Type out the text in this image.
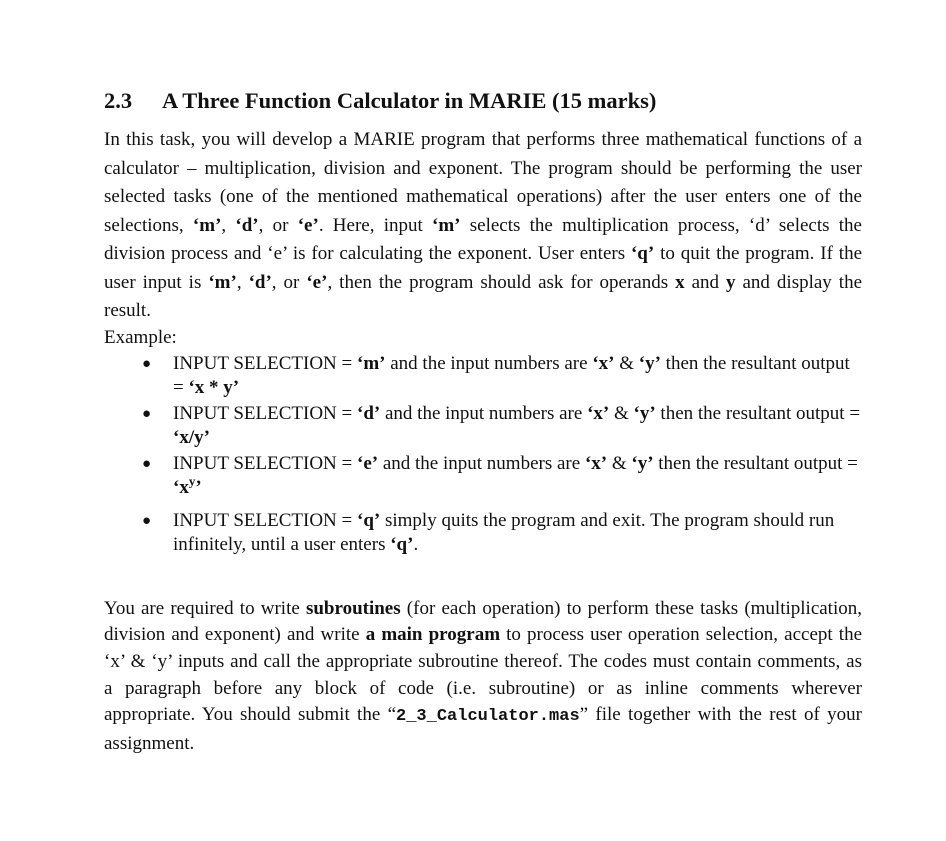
2.3 A Three Function Calculator in MARIE (15 marks)

In this task, you will develop a MARIE program that performs three mathematical functions of a calculator – multiplication, division and exponent. The program should be performing the user selected tasks (one of the mentioned mathematical operations) after the user enters one of the selections, ‘m’, ‘d’, or ‘e’. Here, input ‘m’ selects the multiplication process, ‘d’ selects the division process and ‘e’ is for calculating the exponent. User enters ‘q’ to quit the program. If the user input is ‘m’, ‘d’, or ‘e’, then the program should ask for operands x and y and display the result.

Example:

● INPUT SELECTION = ‘m’ and the input numbers are ‘x’ & ‘y’ then the resultant output = ‘x * y’
● INPUT SELECTION = ‘d’ and the input numbers are ‘x’ & ‘y’ then the resultant output = ‘x/y’
● INPUT SELECTION = ‘e’ and the input numbers are ‘x’ & ‘y’ then the resultant output = ‘$x^y$’
● INPUT SELECTION = ‘q’ simply quits the program and exit. The program should run infinitely, until a user enters ‘q’.

You are required to write subroutines (for each operation) to perform these tasks (multiplication, division and exponent) and write a main program to process user operation selection, accept the ‘x’ & ‘y’ inputs and call the appropriate subroutine thereof. The codes must contain comments, as a paragraph before any block of code (i.e. subroutine) or as inline comments wherever appropriate. You should submit the “2_3_Calculator.mas” file together with the rest of your assignment.
